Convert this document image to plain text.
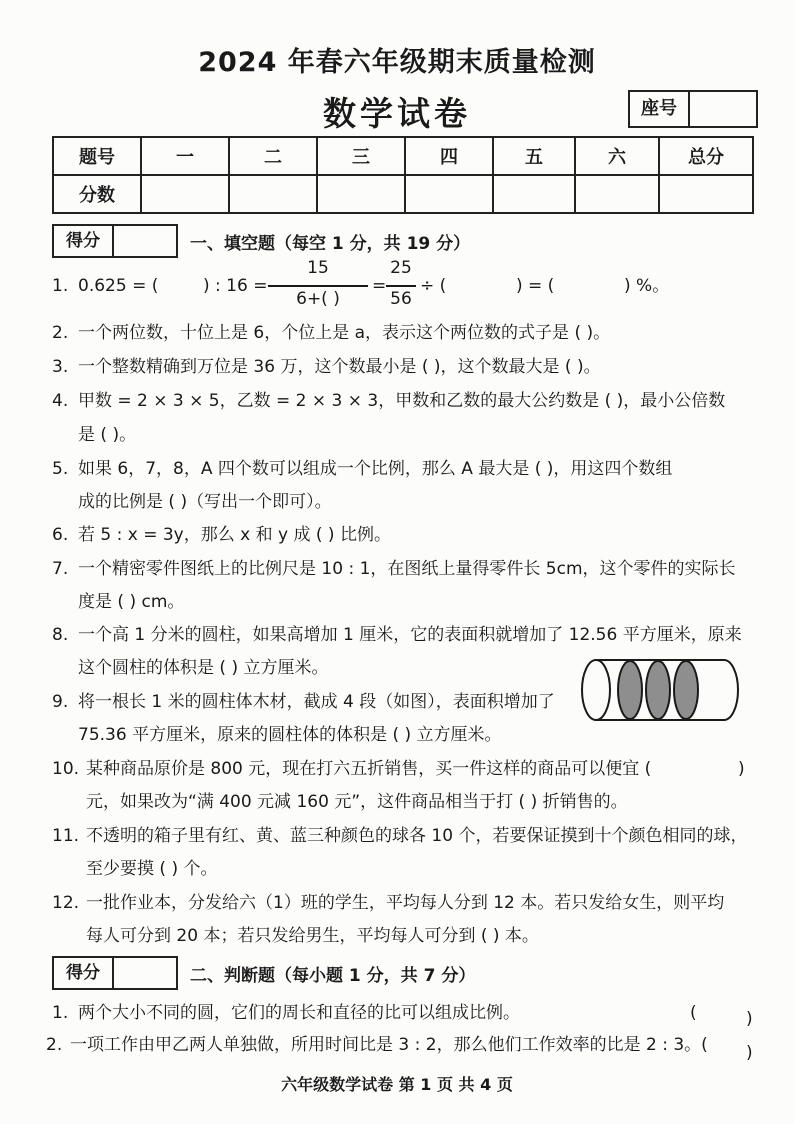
2024 年春六年级期末质量检测
数学试卷	座号
题号	一	二	三	四	五	六	总分
分数							
得分	一、填空题（每空 1 分，共 19 分）
1. 0.625 = (	) : 16 =
15
6+( )
=
25
56
÷ (	) = (	) %。
2. 一个两位数，十位上是 6，个位上是 a，表示这个两位数的式子是 ( )。
3. 一个整数精确到万位是 36 万，这个数最小是 ( )，这个数最大是 ( )。
4. 甲数 = 2 × 3 × 5，乙数 = 2 × 3 × 3，甲数和乙数的最大公约数是 ( )，最小公倍数
是 ( )。
5. 如果 6，7，8，A 四个数可以组成一个比例，那么 A 最大是 ( )，用这四个数组
成的比例是 ( )（写出一个即可）。
6. 若 5 : x = 3y，那么 x 和 y 成 ( ) 比例。
7. 一个精密零件图纸上的比例尺是 10 : 1，在图纸上量得零件长 5cm，这个零件的实际长
度是 ( ) cm。
8. 一个高 1 分米的圆柱，如果高增加 1 厘米，它的表面积就增加了 12.56 平方厘米，原来
这个圆柱的体积是 ( ) 立方厘米。
9. 将一根长 1 米的圆柱体木材，截成 4 段（如图），表面积增加了
75.36 平方厘米，原来的圆柱体的体积是 ( ) 立方厘米。
10. 某种商品原价是 800 元，现在打六五折销售，买一件这样的商品可以便宜 (	)
元，如果改为“满 400 元减 160 元”，这件商品相当于打 ( ) 折销售的。
11. 不透明的箱子里有红、黄、蓝三种颜色的球各 10 个，若要保证摸到十个颜色相同的球，
至少要摸 ( ) 个。
12. 一批作业本，分发给六（1）班的学生，平均每人分到 12 本。若只发给女生，则平均
每人可分到 20 本；若只发给男生，平均每人可分到 ( ) 本。
得分	二、判断题（每小题 1 分，共 7 分）
1. 两个大小不同的圆，它们的周长和直径的比可以组成比例。	(	)
2. 一项工作由甲乙两人单独做，所用时间比是 3 : 2，那么他们工作效率的比是 2 : 3。( )
六年级数学试卷 第 1 页 共 4 页
